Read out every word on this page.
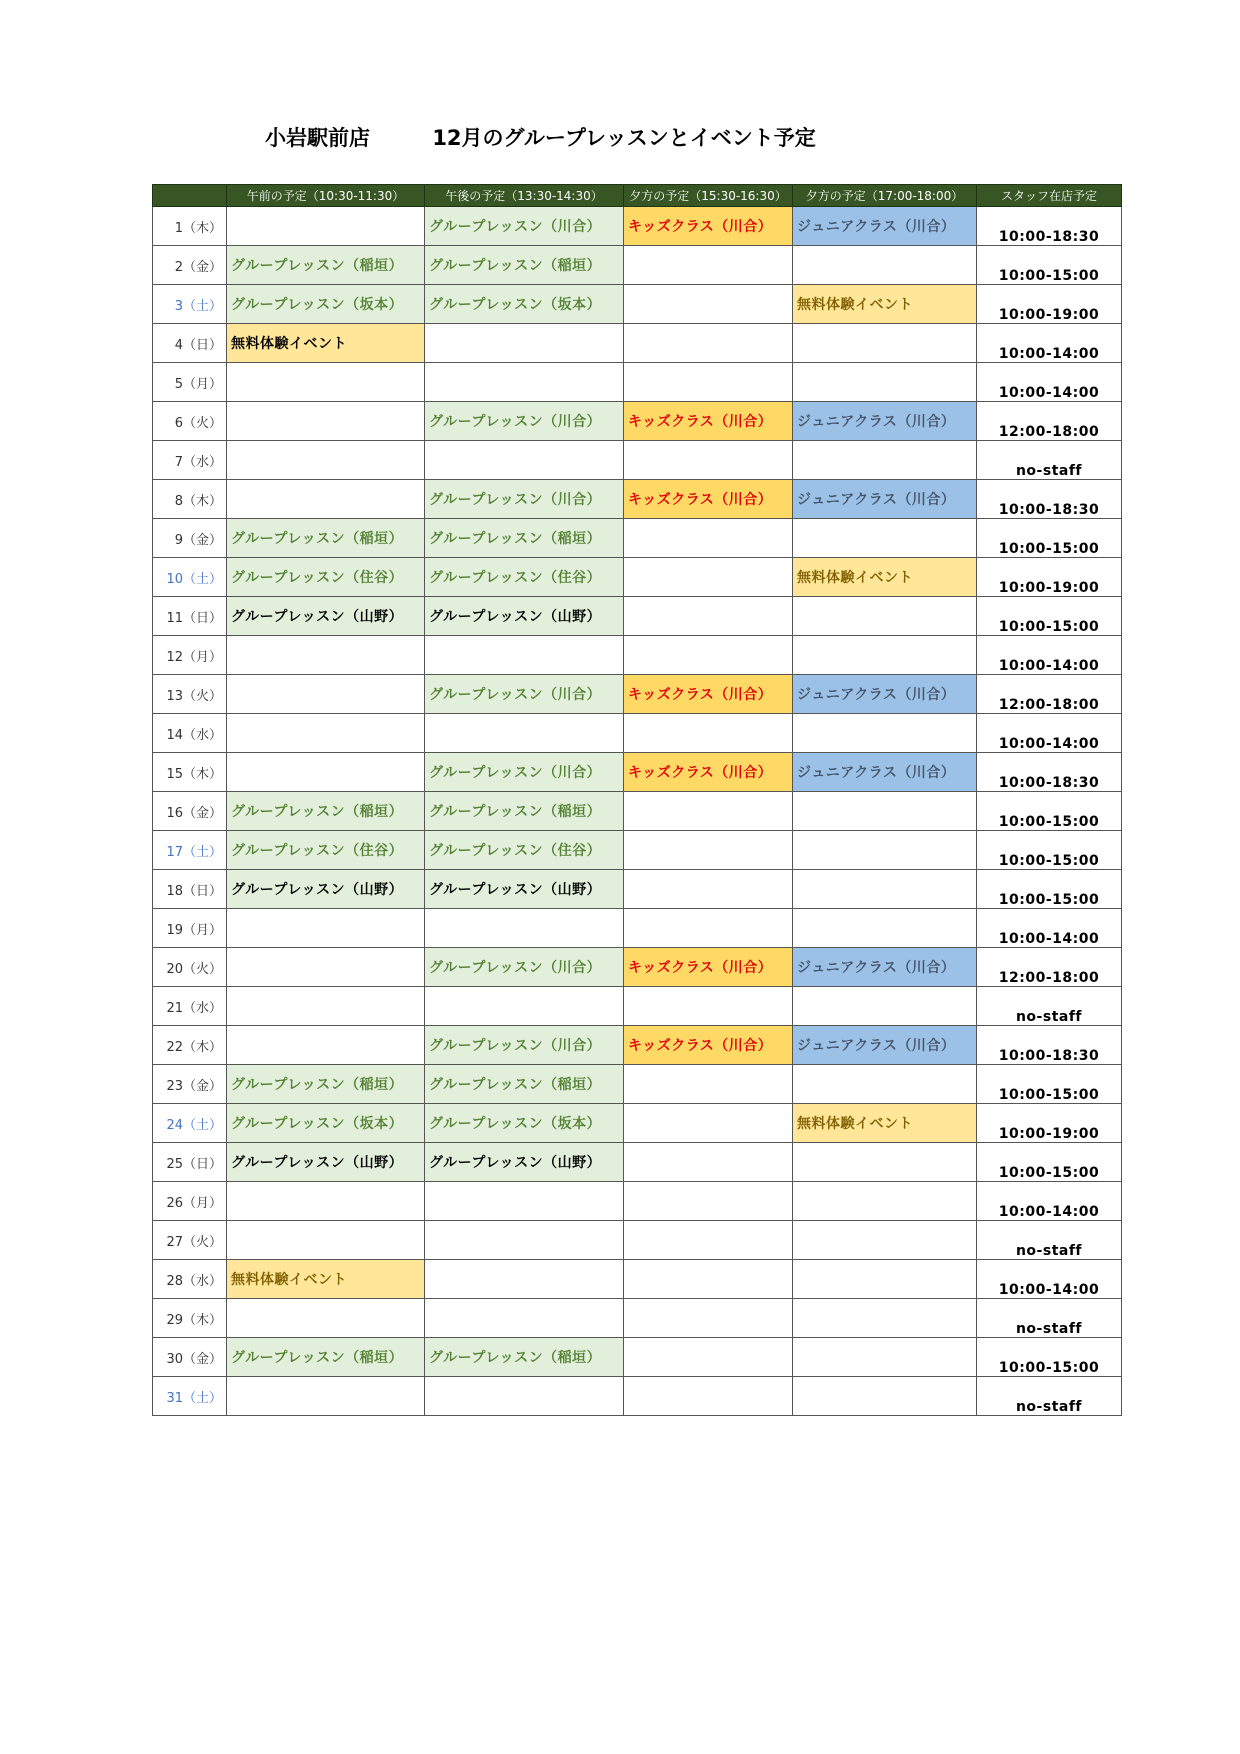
小岩駅前店	12月のグループレッスンとイベント予定
	午前の予定（10:30-11:30）	午後の予定（13:30-14:30）	夕方の予定（15:30-16:30）	夕方の予定（17:00-18:00）	スタッフ在店予定
1（木）		グループレッスン（川合）	キッズクラス（川合）	ジュニアクラス（川合）	10:00-18:30
2（金）	グループレッスン（稲垣）	グループレッスン（稲垣）			10:00-15:00
3（土）	グループレッスン（坂本）	グループレッスン（坂本）		無料体験イベント	10:00-19:00
4（日）	無料体験イベント				10:00-14:00
5（月）					10:00-14:00
6（火）		グループレッスン（川合）	キッズクラス（川合）	ジュニアクラス（川合）	12:00-18:00
7（水）					no-staff
8（木）		グループレッスン（川合）	キッズクラス（川合）	ジュニアクラス（川合）	10:00-18:30
9（金）	グループレッスン（稲垣）	グループレッスン（稲垣）			10:00-15:00
10（土）	グループレッスン（住谷）	グループレッスン（住谷）		無料体験イベント	10:00-19:00
11（日）	グループレッスン（山野）	グループレッスン（山野）			10:00-15:00
12（月）					10:00-14:00
13（火）		グループレッスン（川合）	キッズクラス（川合）	ジュニアクラス（川合）	12:00-18:00
14（水）					10:00-14:00
15（木）		グループレッスン（川合）	キッズクラス（川合）	ジュニアクラス（川合）	10:00-18:30
16（金）	グループレッスン（稲垣）	グループレッスン（稲垣）			10:00-15:00
17（土）	グループレッスン（住谷）	グループレッスン（住谷）			10:00-15:00
18（日）	グループレッスン（山野）	グループレッスン（山野）			10:00-15:00
19（月）					10:00-14:00
20（火）		グループレッスン（川合）	キッズクラス（川合）	ジュニアクラス（川合）	12:00-18:00
21（水）					no-staff
22（木）		グループレッスン（川合）	キッズクラス（川合）	ジュニアクラス（川合）	10:00-18:30
23（金）	グループレッスン（稲垣）	グループレッスン（稲垣）			10:00-15:00
24（土）	グループレッスン（坂本）	グループレッスン（坂本）		無料体験イベント	10:00-19:00
25（日）	グループレッスン（山野）	グループレッスン（山野）			10:00-15:00
26（月）					10:00-14:00
27（火）					no-staff
28（水）	無料体験イベント				10:00-14:00
29（木）					no-staff
30（金）	グループレッスン（稲垣）	グループレッスン（稲垣）			10:00-15:00
31（土）					no-staff
